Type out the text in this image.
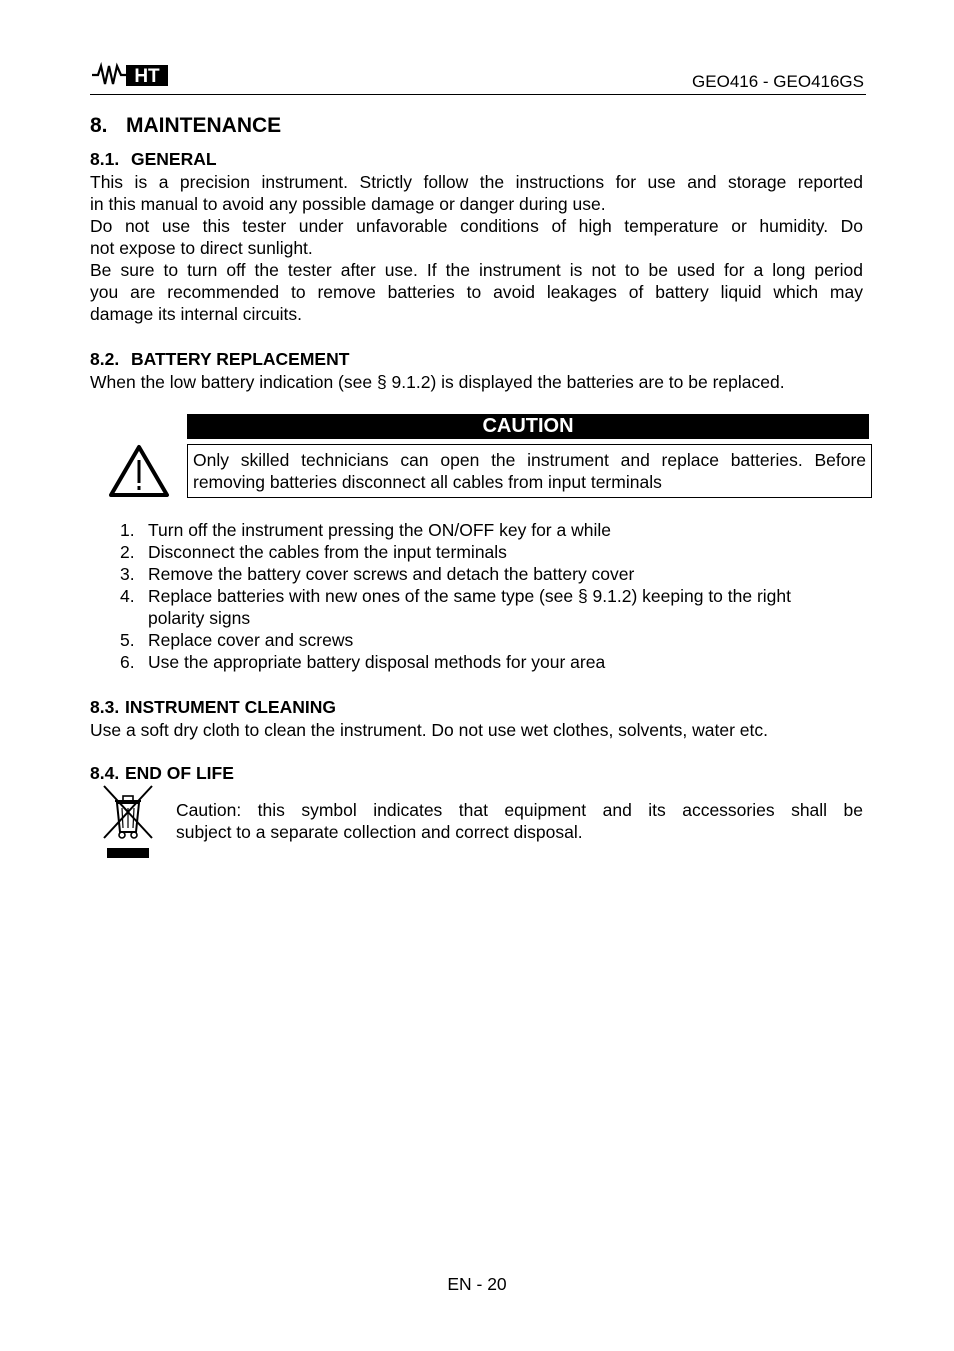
HT	GEO416 - GEO416GS
8. MAINTENANCE
8.1. GENERAL
This is a precision instrument. Strictly follow the instructions for use and storage reported
in this manual to avoid any possible damage or danger during use.
Do not use this tester under unfavorable conditions of high temperature or humidity. Do
not expose to direct sunlight.
Be sure to turn off the tester after use. If the instrument is not to be used for a long period
you are recommended to remove batteries to avoid leakages of battery liquid which may
damage its internal circuits.
8.2. BATTERY REPLACEMENT
When the low battery indication (see § 9.1.2) is displayed the batteries are to be replaced.
CAUTION
Only skilled technicians can open the instrument and replace batteries. Before
removing batteries disconnect all cables from input terminals
1. Turn off the instrument pressing the ON/OFF key for a while
2. Disconnect the cables from the input terminals
3. Remove the battery cover screws and detach the battery cover
4. Replace batteries with new ones of the same type (see § 9.1.2) keeping to the right
polarity signs
5. Replace cover and screws
6. Use the appropriate battery disposal methods for your area
8.3. INSTRUMENT CLEANING
Use a soft dry cloth to clean the instrument. Do not use wet clothes, solvents, water etc.
8.4. END OF LIFE
Caution: this symbol indicates that equipment and its accessories shall be
subject to a separate collection and correct disposal.
EN - 20
